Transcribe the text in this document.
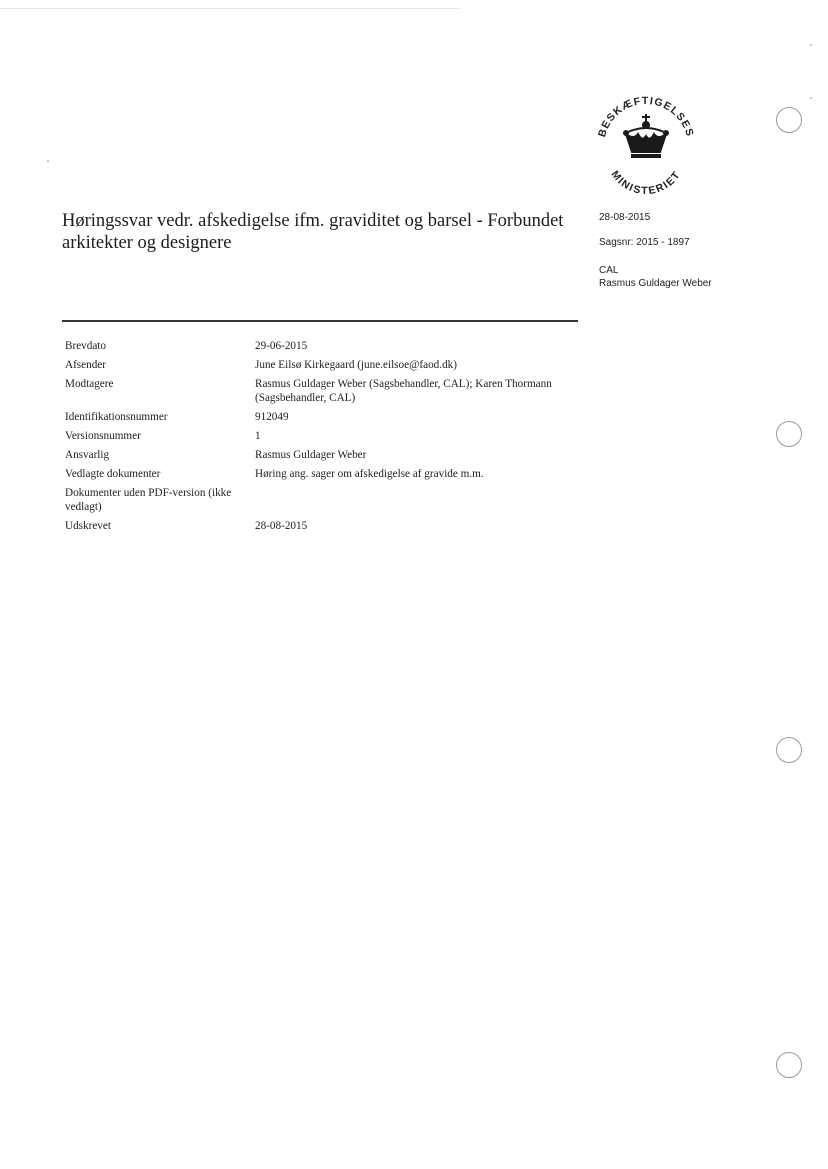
BESKÆFTIGELSES
MINISTERIET
Høringssvar vedr. afskedigelse ifm. graviditet og barsel - Forbundet arkitekter og designere
28-08-2015
Sagsnr: 2015 - 1897
CAL
Rasmus Guldager Weber
Brevdato	29-06-2015
Afsender	June Eilsø Kirkegaard (june.eilsoe@faod.dk)
Modtagere	Rasmus Guldager Weber (Sagsbehandler, CAL); Karen Thormann (Sagsbehandler, CAL)
Identifikationsnummer	912049
Versionsnummer	1
Ansvarlig	Rasmus Guldager Weber
Vedlagte dokumenter	Høring ang. sager om afskedigelse af gravide m.m.
Dokumenter uden PDF-version (ikke vedlagt)
Udskrevet	28-08-2015
